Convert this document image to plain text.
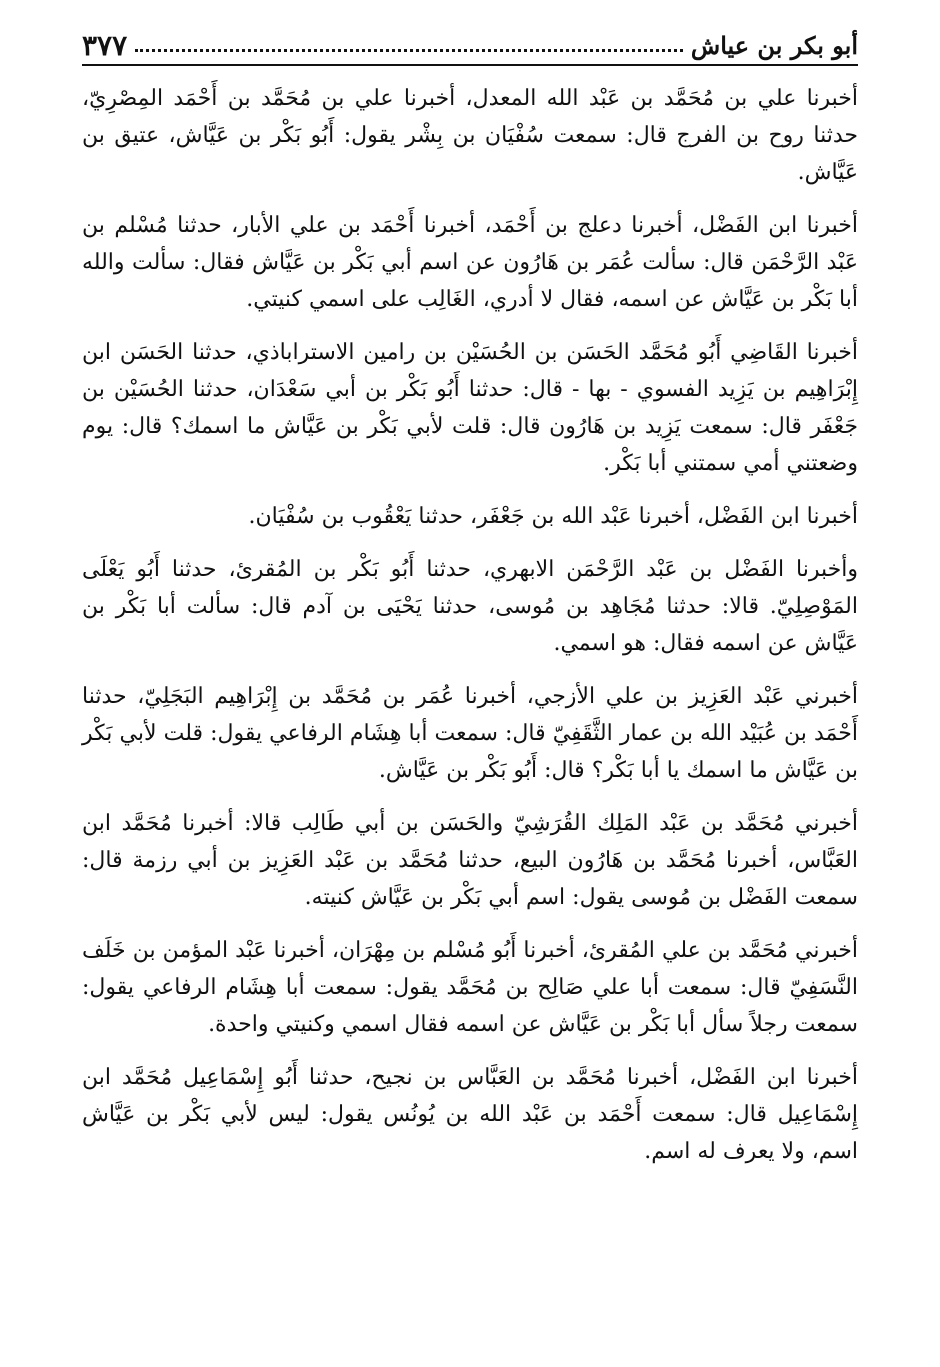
أبو بكر بن عياش
٣٧٧

أخبرنا علي بن مُحَمَّد بن عَبْد الله المعدل، أخبرنا علي بن مُحَمَّد بن أَحْمَد المِصْرِيّ، حدثنا روح بن الفرج قال: سمعت سُفْيَان بن بِشْر يقول: أَبُو بَكْر بن عَيَّاش، عتيق بن عَيَّاش.

أخبرنا ابن الفَضْل، أخبرنا دعلج بن أَحْمَد، أخبرنا أَحْمَد بن علي الأبار، حدثنا مُسْلم بن عَبْد الرَّحْمَن قال: سألت عُمَر بن هَارُون عن اسم أبي بَكْر بن عَيَّاش فقال: سألت والله أبا بَكْر بن عَيَّاش عن اسمه، فقال لا أدري، الغَالِب على اسمي كنيتي.

أخبرنا القَاضِي أَبُو مُحَمَّد الحَسَن بن الحُسَيْن بن رامين الاستراباذي، حدثنا الحَسَن ابن إِبْرَاهِيم بن يَزِيد الفسوي - بها - قال: حدثنا أَبُو بَكْر بن أبي سَعْدَان، حدثنا الحُسَيْن بن جَعْفَر قال: سمعت يَزِيد بن هَارُون قال: قلت لأبي بَكْر بن عَيَّاش ما اسمك؟ قال: يوم وضعتني أمي سمتني أبا بَكْر.

أخبرنا ابن الفَضْل، أخبرنا عَبْد الله بن جَعْفَر، حدثنا يَعْقُوب بن سُفْيَان.

وأخبرنا الفَضْل بن عَبْد الرَّحْمَن الابهري، حدثنا أَبُو بَكْر بن المُقرئ، حدثنا أَبُو يَعْلَى المَوْصِلِيّ. قالا: حدثنا مُجَاهِد بن مُوسى، حدثنا يَحْيَى بن آدم قال: سألت أبا بَكْر بن عَيَّاش عن اسمه فقال: هو اسمي.

أخبرني عَبْد العَزِيز بن علي الأزجي، أخبرنا عُمَر بن مُحَمَّد بن إِبْرَاهِيم البَجَلِيّ، حدثنا أَحْمَد بن عُبَيْد الله بن عمار الثَّقَفِيّ قال: سمعت أبا هِشَام الرفاعي يقول: قلت لأبي بَكْر بن عَيَّاش ما اسمك يا أبا بَكْر؟ قال: أَبُو بَكْر بن عَيَّاش.

أخبرني مُحَمَّد بن عَبْد المَلِك القُرَشِيّ والحَسَن بن أبي طَالِب قالا: أخبرنا مُحَمَّد ابن العَبَّاس، أخبرنا مُحَمَّد بن هَارُون البيع، حدثنا مُحَمَّد بن عَبْد العَزِيز بن أبي رزمة قال: سمعت الفَضْل بن مُوسى يقول: اسم أبي بَكْر بن عَيَّاش كنيته.

أخبرني مُحَمَّد بن علي المُقرئ، أخبرنا أَبُو مُسْلم بن مِهْرَان، أخبرنا عَبْد المؤمن بن خَلَف النَّسَفِيّ قال: سمعت أبا علي صَالِح بن مُحَمَّد يقول: سمعت أبا هِشَام الرفاعي يقول: سمعت رجلاً سأل أبا بَكْر بن عَيَّاش عن اسمه فقال اسمي وكنيتي واحدة.

أخبرنا ابن الفَضْل، أخبرنا مُحَمَّد بن العَبَّاس بن نجيح، حدثنا أَبُو إِسْمَاعِيل مُحَمَّد ابن إِسْمَاعِيل قال: سمعت أَحْمَد بن عَبْد الله بن يُونُس يقول: ليس لأبي بَكْر بن عَيَّاش اسم، ولا يعرف له اسم.
